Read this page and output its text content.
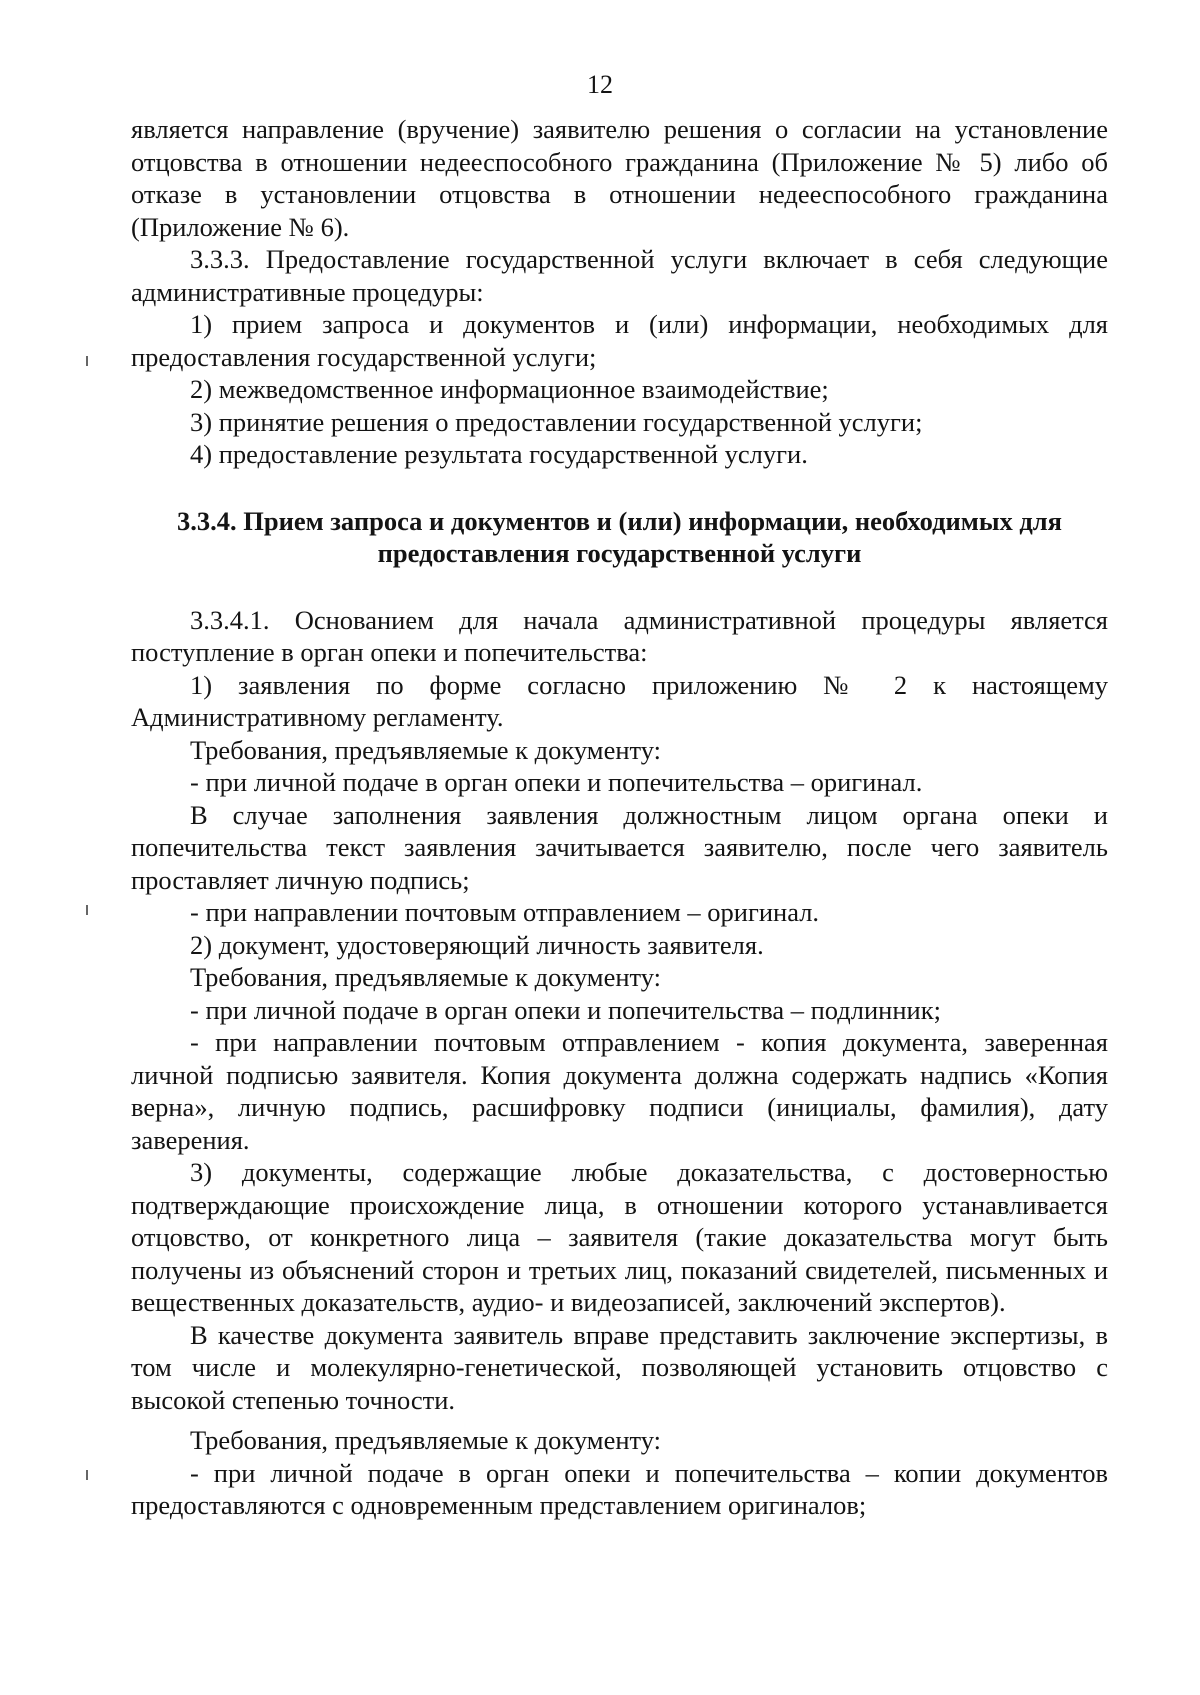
12

является направление (вручение) заявителю решения о согласии на установление отцовства в отношении недееспособного гражданина (Приложение № 5) либо об отказе в установлении отцовства в отношении недееспособного гражданина (Приложение № 6).

3.3.3. Предоставление государственной услуги включает в себя следующие административные процедуры:

1) прием запроса и документов и (или) информации, необходимых для предоставления государственной услуги;

2) межведомственное информационное взаимодействие;

3) принятие решения о предоставлении государственной услуги;

4) предоставление результата государственной услуги.

3.3.4. Прием запроса и документов и (или) информации, необходимых для предоставления государственной услуги

3.3.4.1. Основанием для начала административной процедуры является поступление в орган опеки и попечительства:

1) заявления по форме согласно приложению № 2 к настоящему Административному регламенту.

Требования, предъявляемые к документу:

- при личной подаче в орган опеки и попечительства – оригинал.

В случае заполнения заявления должностным лицом органа опеки и попечительства текст заявления зачитывается заявителю, после чего заявитель проставляет личную подпись;

- при направлении почтовым отправлением – оригинал.

2) документ, удостоверяющий личность заявителя.

Требования, предъявляемые к документу:

- при личной подаче в орган опеки и попечительства – подлинник;

- при направлении почтовым отправлением - копия документа, заверенная личной подписью заявителя. Копия документа должна содержать надпись «Копия верна», личную подпись, расшифровку подписи (инициалы, фамилия), дату заверения.

3) документы, содержащие любые доказательства, с достоверностью подтверждающие происхождение лица, в отношении которого устанавливается отцовство, от конкретного лица – заявителя (такие доказательства могут быть получены из объяснений сторон и третьих лиц, показаний свидетелей, письменных и вещественных доказательств, аудио- и видеозаписей, заключений экспертов).

В качестве документа заявитель вправе представить заключение экспертизы, в том числе и молекулярно-генетической, позволяющей установить отцовство с высокой степенью точности.

Требования, предъявляемые к документу:

- при личной подаче в орган опеки и попечительства – копии документов предоставляются с одновременным представлением оригиналов;
